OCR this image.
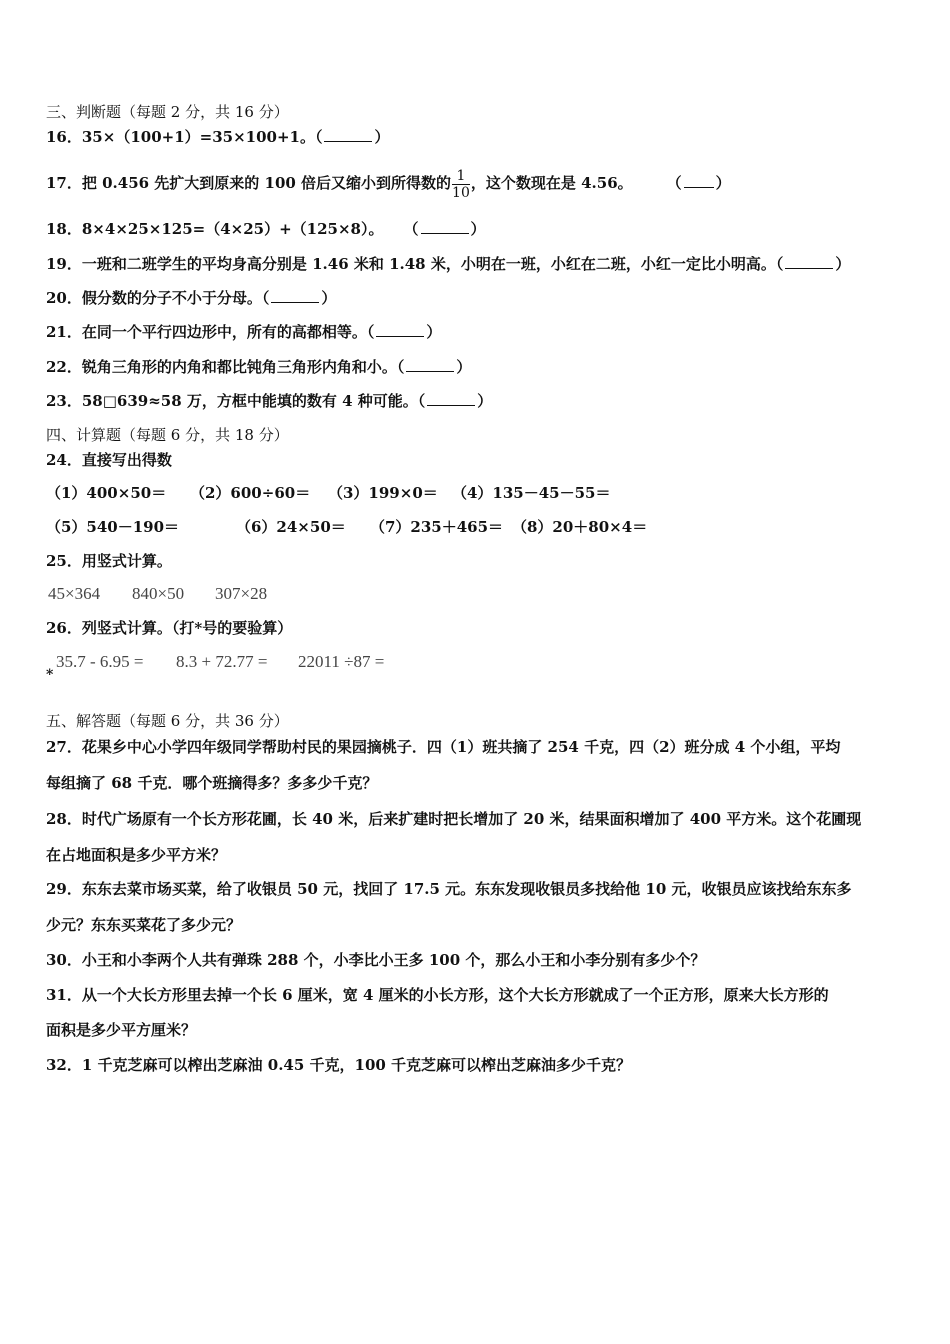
三、判断题（每题 2 分，共 16 分）
16．35×（100+1）=35×100+1。（	）
17．把 0.456 先扩大到原来的 100 倍后又缩小到所得数的 $\frac{1}{10}$ ，这个数现在是 4.56。 （ ）
18．8×4×25×125=（4×25）+（125×8）。 （	）
19．一班和二班学生的平均身高分别是 1.46 米和 1.48 米，小明在一班，小红在二班，小红一定比小明高。（	）
20．假分数的分子不小于分母。（	）
21．在同一个平行四边形中，所有的高都相等。（	）
22．锐角三角形的内角和都比钝角三角形内角和小。（	）
23．58□639≈58 万，方框中能填的数有 4 种可能。（	）
四、计算题（每题 6 分，共 18 分）
24．直接写出得数
（1）400×50＝ （2）600÷60＝ （3）199×0＝ （4）135－45－55＝
（5）540－190＝	（6）24×50＝ （7）235＋465＝ （8）20＋80×4＝
25．用竖式计算。
45×364 840×50 307×28
26．列竖式计算。（打*号的要验算）
*
35.7 - 6.95 = 8.3 + 72.77 = 22011 ÷87 =
五、解答题（每题 6 分，共 36 分）
27．花果乡中心小学四年级同学帮助村民的果园摘桃子．四（1）班共摘了 254 千克，四（2）班分成 4 个小组，平均
每组摘了 68 千克．哪个班摘得多？多多少千克？
28．时代广场原有一个长方形花圃，长 40 米，后来扩建时把长增加了 20 米，结果面积增加了 400 平方米。这个花圃现
在占地面积是多少平方米？
29．东东去菜市场买菜，给了收银员 50 元，找回了 17.5 元。东东发现收银员多找给他 10 元，收银员应该找给东东多
少元？东东买菜花了多少元？
30．小王和小李两个人共有弹珠 288 个，小李比小王多 100 个，那么小王和小李分别有多少个？
31．从一个大长方形里去掉一个长 6 厘米，宽 4 厘米的小长方形，这个大长方形就成了一个正方形，原来大长方形的
面积是多少平方厘米？
32．1 千克芝麻可以榨出芝麻油 0.45 千克，100 千克芝麻可以榨出芝麻油多少千克？
